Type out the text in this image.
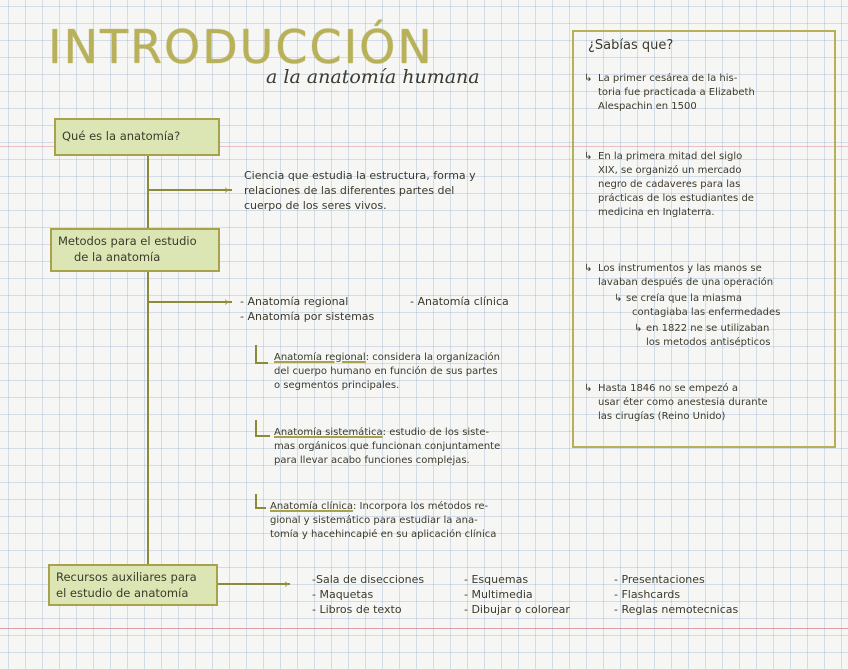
INTRODUCCIÓN
a la anatomía humana
›
›
›
Qué es la anatomía?
Ciencia que estudia la estructura, forma y
relaciones de las diferentes partes del
cuerpo de los seres vivos.
Metodos para el estudio
de la anatomía
- Anatomía regional
- Anatomía por sistemas
- Anatomía clínica
Anatomía regional: considera la organización
del cuerpo humano en función de sus partes
o segmentos principales.
Anatomía sistemática: estudio de los siste-
mas orgánicos que funcionan conjuntamente
para llevar acabo funciones complejas.
Anatomía clínica: Incorpora los métodos re-
gional y sistemático para estudiar la ana-
tomía y hacehincapié en su aplicación clínica
Recursos auxiliares para
el estudio de anatomía
-Sala de disecciones
- Maquetas
- Libros de texto
- Esquemas
- Multimedia
- Dibujar o colorear
- Presentaciones
- Flashcards
- Reglas nemotecnicas
¿Sabías que?
↳ La primer cesárea de la his-
toria fue practicada a Elizabeth
Alespachin en 1500
↳ En la primera mitad del siglo
XIX, se organizó un mercado
negro de cadaveres para las
prácticas de los estudiantes de
medicina en Inglaterra.
↳ Los instrumentos y las manos se
lavaban después de una operación
↳ se creía que la miasma
contagiaba las enfermedades
↳ en 1822 ne se utilizaban
los metodos antisépticos
↳ Hasta 1846 no se empezó a
usar éter como anestesia durante
las cirugías (Reino Unido)
